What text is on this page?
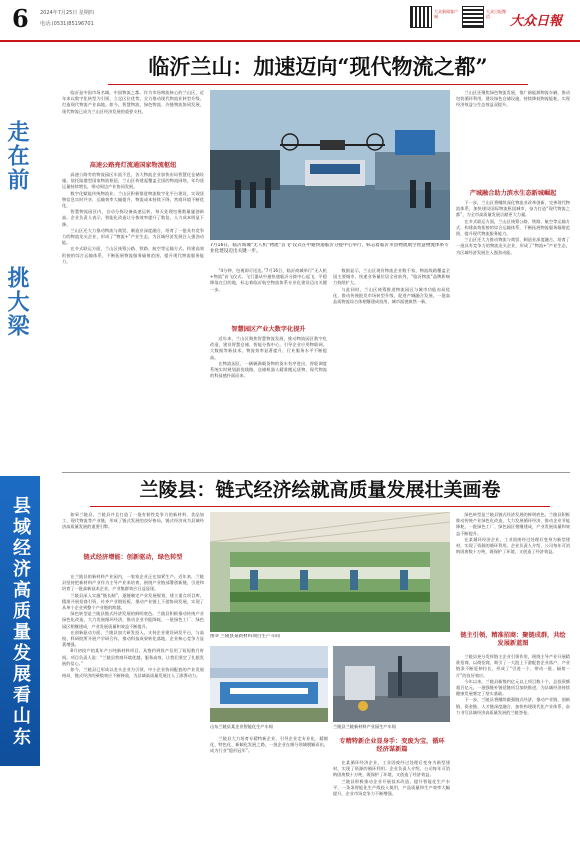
6 2024年7月25日 星期四
电话:(0531)85196701
大众新闻客户端
大众日报微信	大众日報
走在前
挑大梁
县域经济高质量发展看山东
临沂兰山：加速迈向“现代物流之都”

临沂是中国市场名城，中国物流之都。作为市场物流核心的兰山区，近年来以数字化转型为引领，立足区位优势，全力推动现代物流业转型升级，打造现代物流产业高地。如今，智慧物流、绿色物流、冷链物流协同发展，现代物流已成为兰山区经济发展的重要支柱。

高速公路亮灯流通国家物流枢纽

高速公路旁的物流园区车流不息，各大物流企业加快布局智慧化仓储设施。依托陆港型国家物流枢纽，兰山区构建起覆盖全国的物流网络，年均货运量持续增长，带动周边产业协同发展。

数字化赋能传统物流业。兰山区积极推进物流数字化平台建设，实现货物信息实时共享，运输效率大幅提升，物流成本持续下降，营商环境不断优化。

智慧物流园区内，自动分拣设备高速运转，每天处理包裹数量屡创新高。企业负责人表示，智能化改造让分拣效率提升了数倍，人力成本明显下降。

兰山区还大力推动物流与商贸、制造业深度融合，培育了一批具有竞争力的物流龙头企业，形成了“物流+”产业生态，为区域经济发展注入强劲动能。

在多式联运方面，兰山区统筹公路、铁路、航空等运输方式，构建高效衔接的综合运输体系，不断拓展物流服务辐射范围，提升现代物流服务能力。

7月16日，临沂商城“无人机”物流“首飞”仪式在中通快递临沂分拨中心举行，标志着临沂市县物流航空智慧物流体系专业化建设迈出关键一步。

“4分钟，包裹即可送达。”7月16日，临沂商城举行“无人机+物流”首飞仪式，飞行器从中通快递临沂分拨中心起飞，平稳降落在目的地，标志着临沂航空物流体系专业化建设迈出关键一步。

智慧园区产业大数字化提升

近年来，兰山区聚焦智慧物流发展，推动物流园区数字化改造，建设智慧仓储、智能分拣中心，引导企业应用物联网、大数据等新技术，物流效率显著提升，行业服务水平不断提高。

在物流园区，一辆辆满载货物的货车有序进出，智能调度系统实时规划最优线路，仓储机器人精准搬运货物，现代物流的科技感扑面而来。

数据显示，兰山区现有物流企业数千家，物流线路覆盖全国主要城市，快递业务量位居全省前列，“临沂物流”品牌影响力持续扩大。

与此同时，兰山区统筹推进物流园区与城市功能布局优化，推动传统批发市场转型升级，促进产城融合发展。一批高品质物流综合体相继建成投用，城市面貌焕然一新。

兰山区还聚焦绿色物流发展，推广新能源物流车辆，推动包装循环利用，建设绿色仓储设施，持续降低物流能耗，实现经济效益与生态效益双提升。

产城融合助力滨水生态新城崛起

下一步，兰山区将继续深化物流业改革创新，完善现代物流体系，加快建设国际物流枢纽城市，奋力打造“现代物流之都”，为全市高质量发展贡献更大力量。

在多式联运方面，兰山区统筹公路、铁路、航空等运输方式，构建高效衔接的综合运输体系，不断拓展物流服务辐射范围，提升现代物流服务能力。

兰山区还大力推动物流与商贸、制造业深度融合，培育了一批具有竞争力的物流龙头企业，形成了“物流+”产业生态，为区域经济发展注入强劲动能。

兰陵县：链式经济绘就高质量发展壮美画卷

如皋兰陵县，兰陵县并且打造了一批有韧性竞争力的新材料、食品加工、现代物流等产业链，形成了链式发展的良好格局，链式经济成为县域经济高质量发展的重要引擎。

链式经济增能：创新驱动，绿色转型

在兰陵县的新材料产业园内，一家家企业正在加紧生产。近年来，兰陵县坚持把新材料产业作为主导产业来培育，围绕产业链部署创新链，引进和培育了一批高新技术企业，产业集群效应日益显现。

兰陵县深入实施“链长制”，逐链制定产业发展规划，建立重点项目库，精准开展招商引资，补齐产业链短板，推动产业链上下游协同发展，实现了从单个企业到整个产业链的跨越。

绿色转型是兰陵县链式经济发展的鲜明底色。兰陵县积极推动传统产业绿色化改造，大力发展循环经济，推动企业节能降耗，一批绿色工厂、绿色园区相继建成，产业发展质量和效益不断提升。

在创新驱动方面，兰陵县加大研发投入，支持企业建设研发平台，与高校、科研院所开展产学研合作，推动科技成果转化落地，企业核心竞争力显著增强。

8月初投产的某年产万吨新材料项目，从签约到投产仅用了短短数月时间。项目负责人说：“兰陵县营商环境优越，服务高效，让我们坚定了扎根发展的信心。”

如今，兰陵县已形成以龙头企业为引领、中小企业协同配套的产业发展格局，链式经济的乘数效应不断释放，为县域高质量发展注入了澎湃动力。

图③ 兰陵县某新材料项目生产车间
山东兰陵县某企业智能化生产车间	兰陵县兰陵新材料产业园生产车间

兰陵县大力培育专精特新企业，引导企业走专业化、精细化、特色化、新颖化发展之路，一批企业在细分领域脱颖而出，成为行业“隐形冠军”。

专精特新企业显身手：变废为宝，循环经济谋新篇

在某循环经济企业，工业固废经过处理后变身为新型建材，实现了资源的循环利用。企业负责人介绍，公司每年可消纳固废数十万吨，既保护了环境，又创造了经济效益。

兰陵县积极推动企业开展技术改造，提升智能化生产水平，一条条智能化生产线投入使用，产品质量和生产效率大幅提升，企业市场竞争力不断增强。

绿色转型是兰陵县链式经济发展的鲜明底色。兰陵县积极推动传统产业绿色化改造，大力发展循环经济，推动企业节能降耗，一批绿色工厂、绿色园区相继建成，产业发展质量和效益不断提升。

在某循环经济企业，工业固废经过处理后变身为新型建材，实现了资源的循环利用。企业负责人介绍，公司每年可消纳固废数十万吨，既保护了环境，又创造了经济效益。

链主引领，精准招商：聚链成群，共绘发展新蓝图

兰陵县充分发挥链主企业引领作用，围绕主导产业开展精准招商、以商招商，吸引了一大批上下游配套企业落户，产业链条不断延伸拉长，形成了“引进一个、带动一批、辐射一片”的良好效应。

今年以来，兰陵县新签约亿元以上项目数十个，总投资额超百亿元，一批强链补链延链项目加快推进，为县域经济持续健康发展奠定了坚实基础。

下一步，兰陵县将继续做强链式经济，推动产业链、创新链、资金链、人才链深度融合，加快构建现代化产业体系，奋力书写县域经济高质量发展的兰陵答卷。
